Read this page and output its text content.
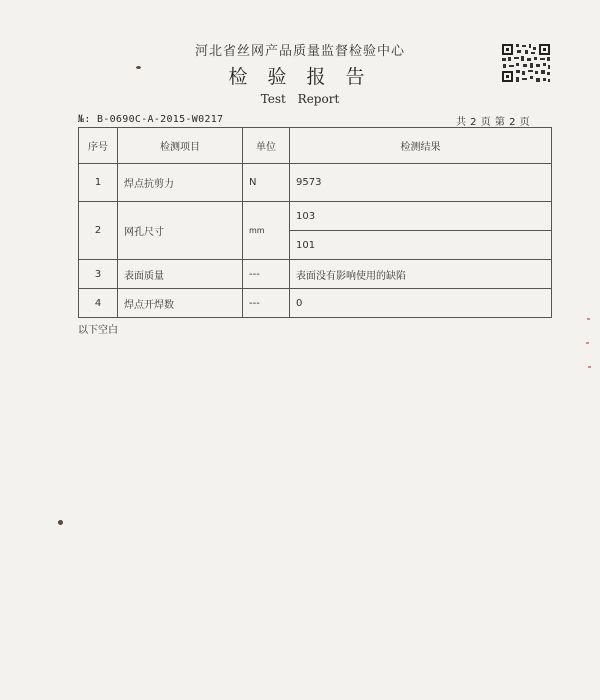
河北省丝网产品质量监督检验中心
检 验 报 告
Test Report
№: B-0690C-A-2015-W0217	共 2 页 第 2 页
序号	检测项目	单位	检测结果
1	焊点抗剪力	N	9573
2	网孔尺寸	mm	103
			101
3	表面质量	---	表面没有影响使用的缺陷
4	焊点开焊数	---	0
以下空白
